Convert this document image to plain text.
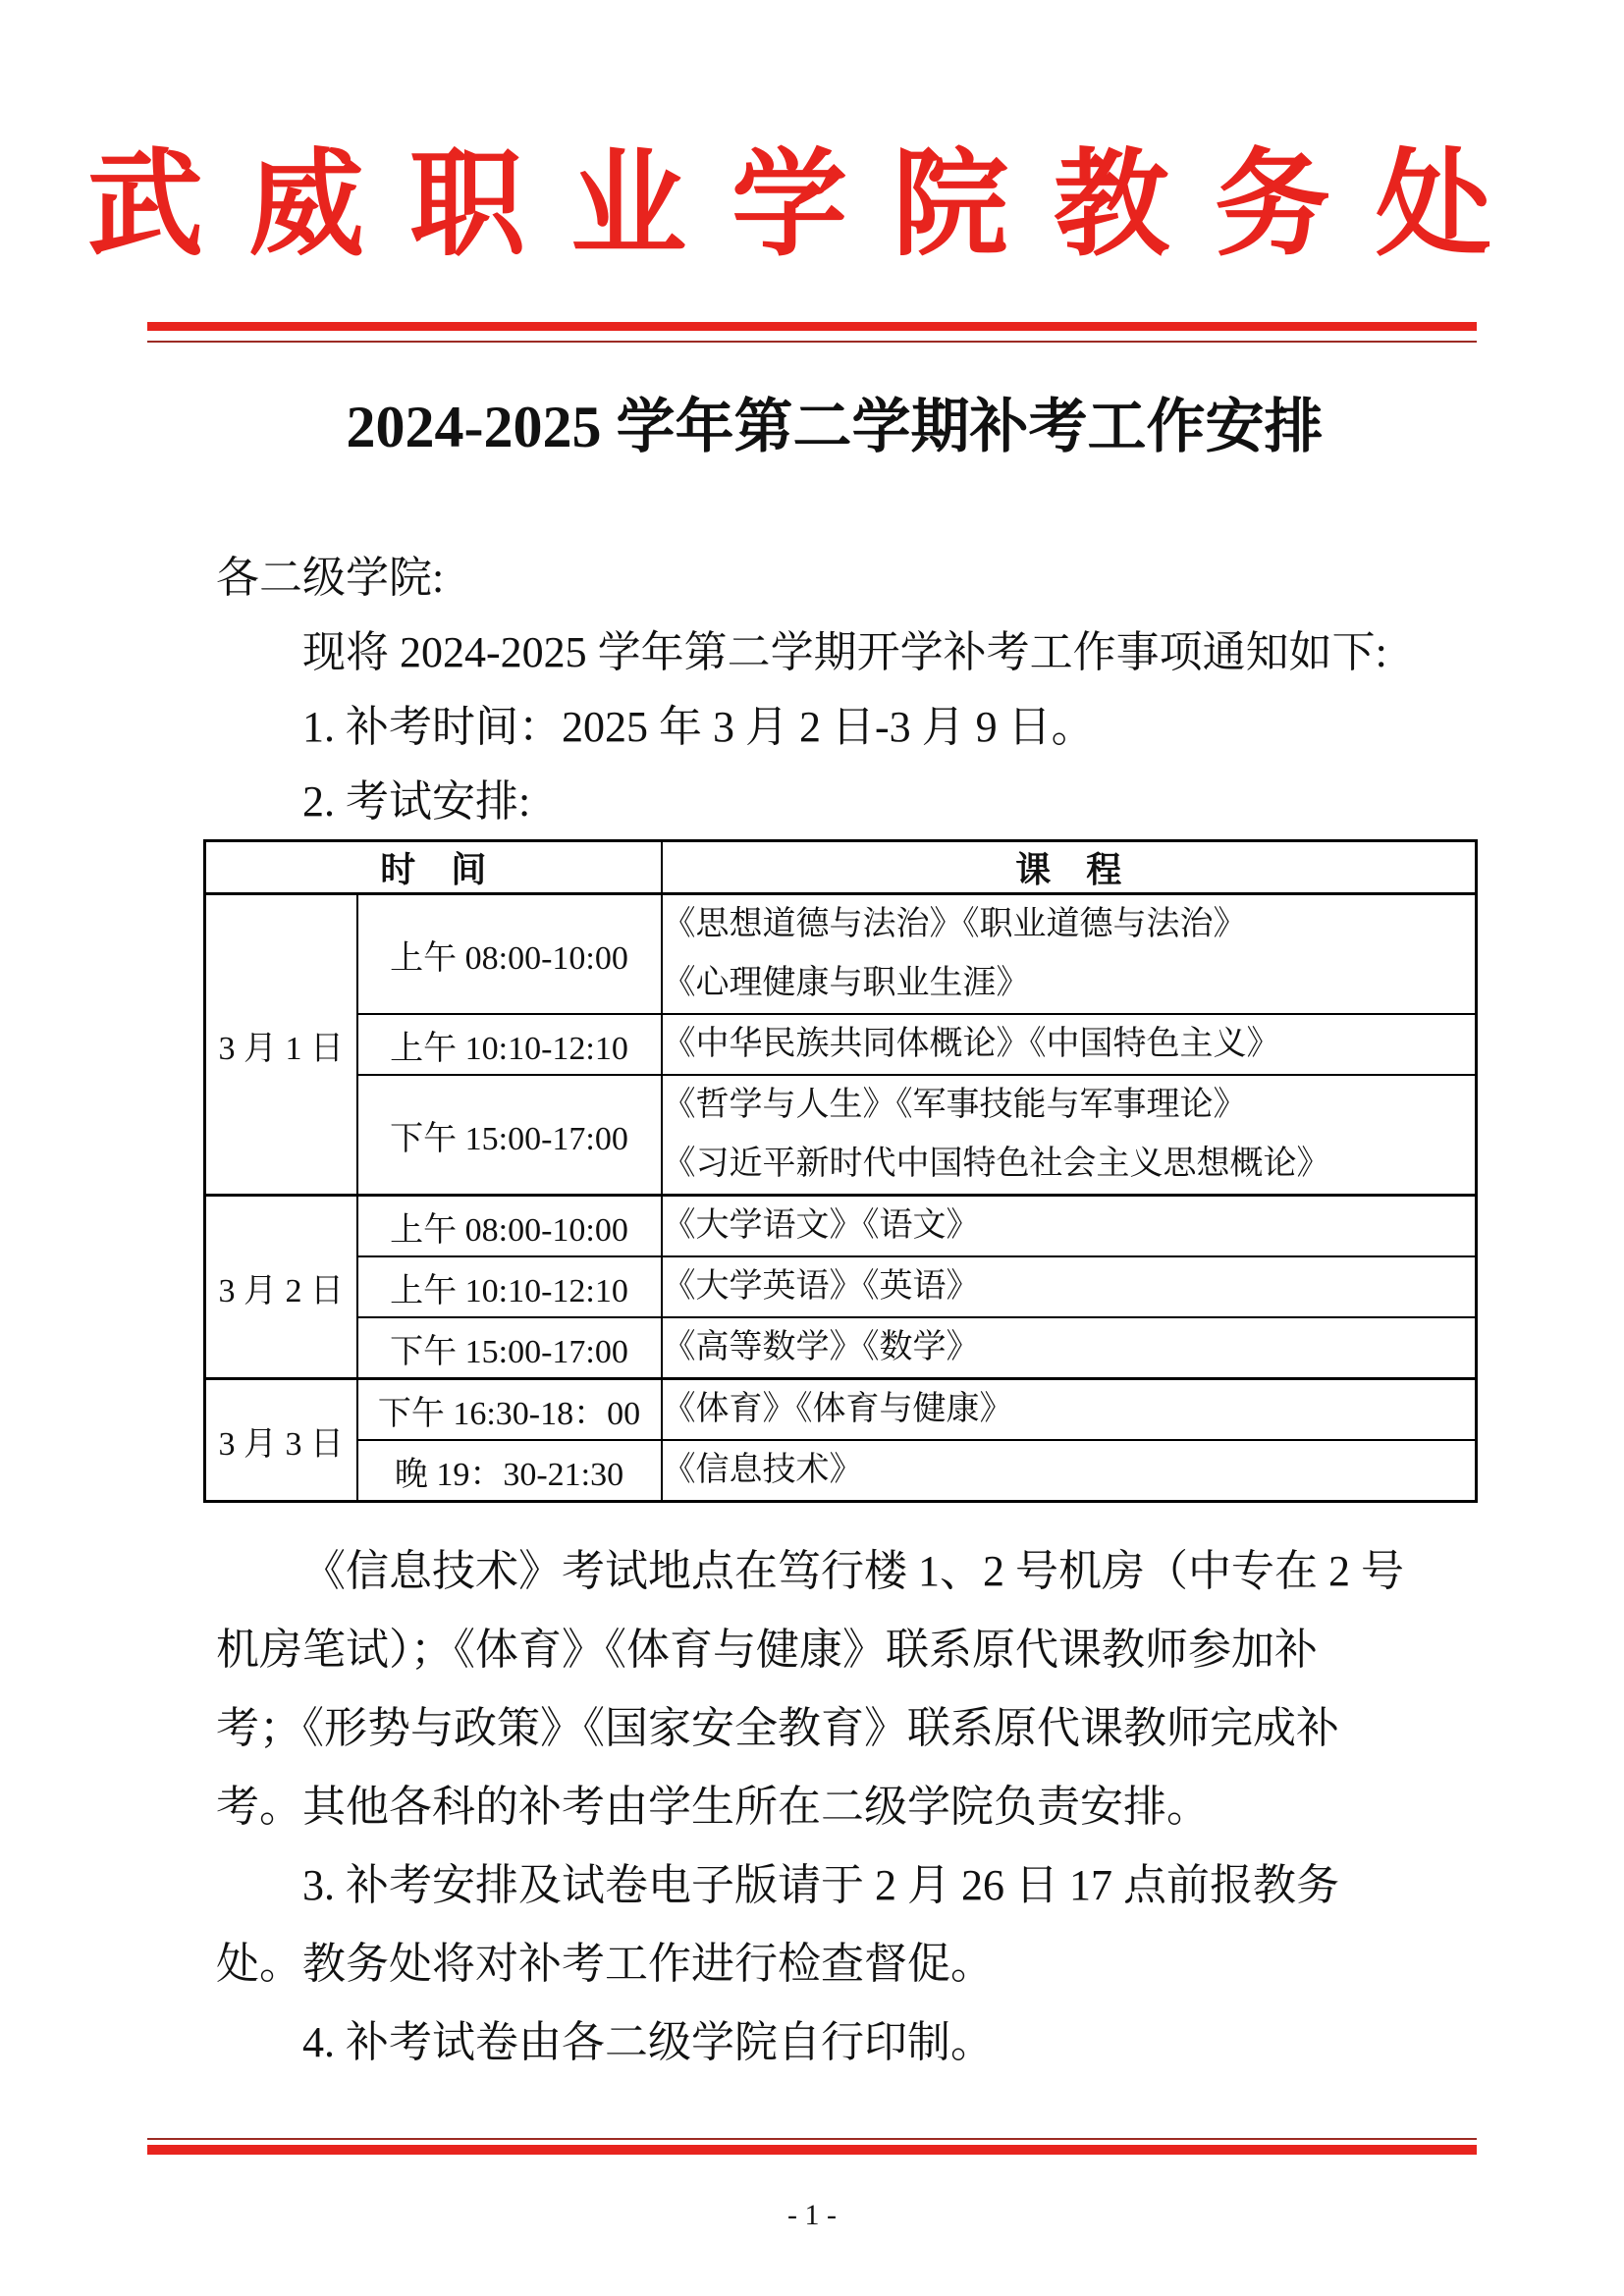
武威职业学院教务处
2024-2025 学年第二学期补考工作安排
各二级学院:
现将 2024-2025 学年第二学期开学补考工作事项通知如下:
1. 补考时间：2025 年 3 月 2 日-3 月 9 日。
2. 考试安排:
时　间		课　程
3 月 1 日	上午 08:00-10:00	《思想道德与法治》《职业道德与法治》
《心理健康与职业生涯》

	上午 10:10-12:10	《中华民族共同体概论》《中国特色主义》

	下午 15:00-17:00	《哲学与人生》《军事技能与军事理论》
《习近平新时代中国特色社会主义思想概论》

3 月 2 日	上午 08:00-10:00	《大学语文》《语文》

	上午 10:10-12:10	《大学英语》《英语》

	下午 15:00-17:00	《高等数学》《数学》

3 月 3 日	下午 16:30-18：00	《体育》《体育与健康》

	晚 19：30-21:30	《信息技术》
《信息技术》考试地点在笃行楼 1、2 号机房（中专在 2 号
机房笔试）；《体育》《体育与健康》联系原代课教师参加补
考；《形势与政策》《国家安全教育》联系原代课教师完成补
考。其他各科的补考由学生所在二级学院负责安排。
3. 补考安排及试卷电子版请于 2 月 26 日 17 点前报教务
处。教务处将对补考工作进行检查督促。
4. 补考试卷由各二级学院自行印制。
- 1 -
